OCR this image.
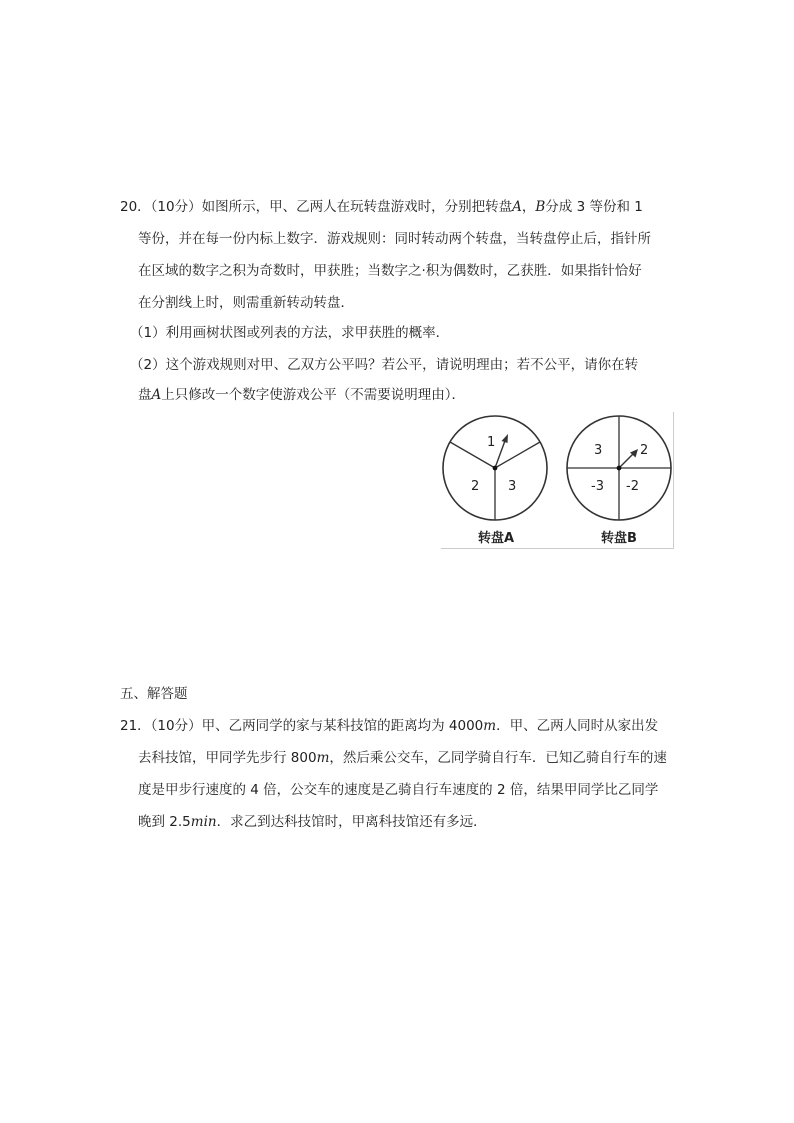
20．（10分）如图所示，甲、乙两人在玩转盘游戏时，分别把转盘A，B分成 3 等份和 1
等份，并在每一份内标上数字．游戏规则：同时转动两个转盘，当转盘停止后，指针所
在区域的数字之积为奇数时，甲获胜；当数字之·积为偶数时，乙获胜．如果指针恰好
在分割线上时，则需重新转动转盘．
（1）利用画树状图或列表的方法，求甲获胜的概率．
（2）这个游戏规则对甲、乙双方公平吗？若公平，请说明理由；若不公平，请你在转
盘A上只修改一个数字使游戏公平（不需要说明理由）．
1
2 3
转盘A
3	2
-3 -2
转盘B
五、解答题
21．（10分）甲、乙两同学的家与某科技馆的距离均为 4000m．甲、乙两人同时从家出发
去科技馆，甲同学先步行 800m，然后乘公交车，乙同学骑自行车．已知乙骑自行车的速
度是甲步行速度的 4 倍，公交车的速度是乙骑自行车速度的 2 倍，结果甲同学比乙同学
晚到 2.5min．求乙到达科技馆时，甲离科技馆还有多远．
